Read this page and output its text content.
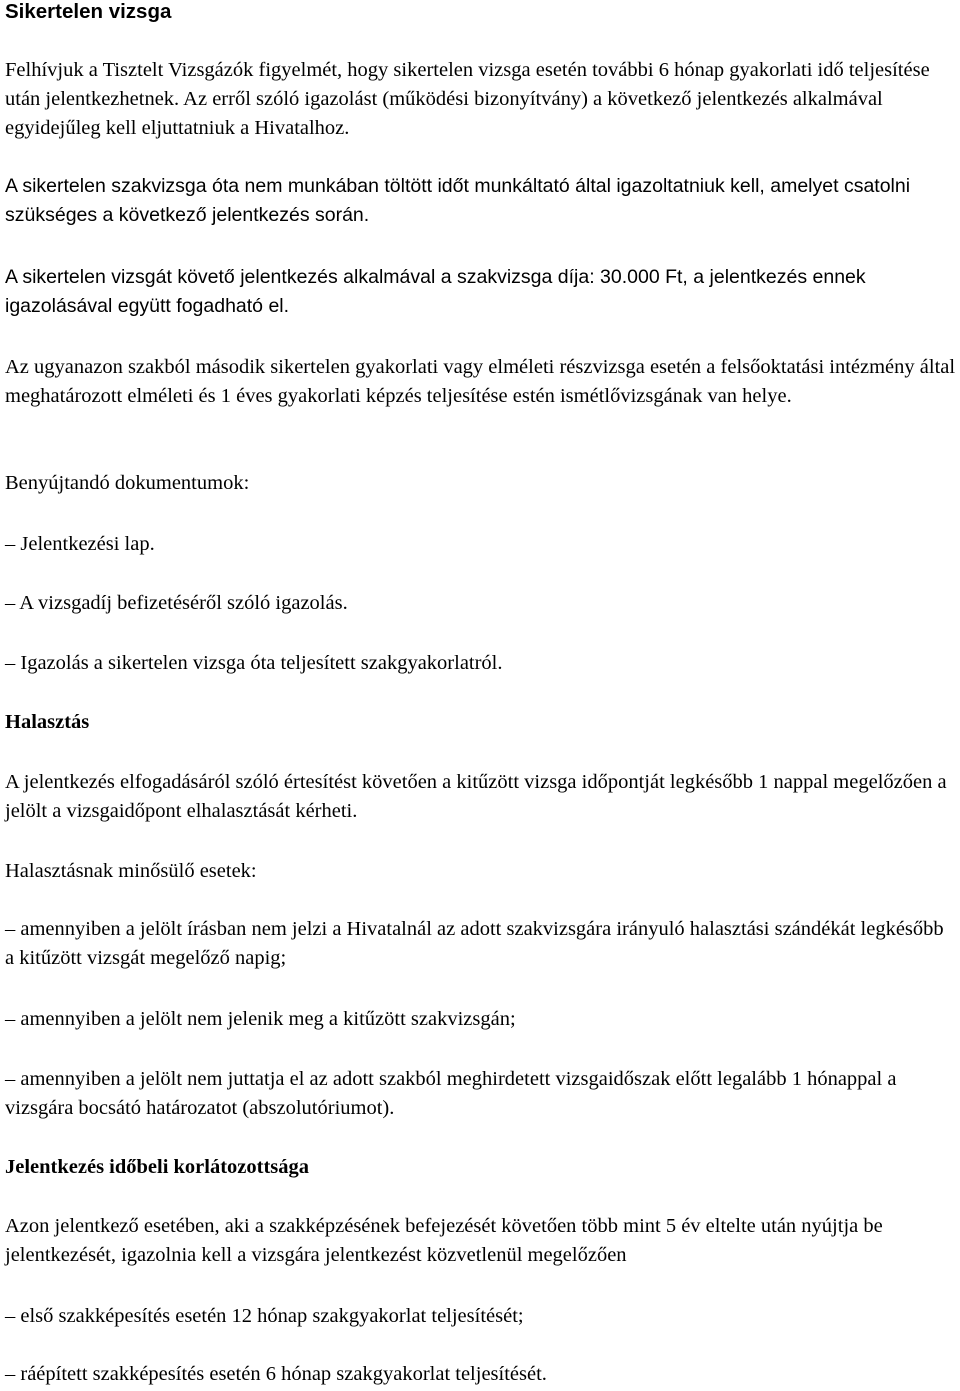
Sikertelen vizsga

Felhívjuk a Tisztelt Vizsgázók figyelmét, hogy sikertelen vizsga esetén további 6 hónap gyakorlati idő teljesítése után jelentkezhetnek. Az erről szóló igazolást (működési bizonyítvány) a következő jelentkezés alkalmával egyidejűleg kell eljuttatniuk a Hivatalhoz.

A sikertelen szakvizsga óta nem munkában töltött időt munkáltató által igazoltatniuk kell, amelyet csatolni szükséges a következő jelentkezés során.

A sikertelen vizsgát követő jelentkezés alkalmával a szakvizsga díja: 30.000 Ft, a jelentkezés ennek igazolásával együtt fogadható el.

Az ugyanazon szakból második sikertelen gyakorlati vagy elméleti részvizsga esetén a felsőoktatási intézmény által meghatározott elméleti és 1 éves gyakorlati képzés teljesítése estén ismétlővizsgának van helye.

Benyújtandó dokumentumok:

– Jelentkezési lap.

– A vizsgadíj befizetéséről szóló igazolás.

– Igazolás a sikertelen vizsga óta teljesített szakgyakorlatról.

Halasztás

A jelentkezés elfogadásáról szóló értesítést követően a kitűzött vizsga időpontját legkésőbb 1 nappal megelőzően a jelölt a vizsgaidőpont elhalasztását kérheti.

Halasztásnak minősülő esetek:

– amennyiben a jelölt írásban nem jelzi a Hivatalnál az adott szakvizsgára irányuló halasztási szándékát legkésőbb a kitűzött vizsgát megelőző napig;

– amennyiben a jelölt nem jelenik meg a kitűzött szakvizsgán;

– amennyiben a jelölt nem juttatja el az adott szakból meghirdetett vizsgaidőszak előtt legalább 1 hónappal a vizsgára bocsátó határozatot (abszolutóriumot).

Jelentkezés időbeli korlátozottsága

Azon jelentkező esetében, aki a szakképzésének befejezését követően több mint 5 év eltelte után nyújtja be jelentkezését, igazolnia kell a vizsgára jelentkezést közvetlenül megelőzően

– első szakképesítés esetén 12 hónap szakgyakorlat teljesítését;

– ráépített szakképesítés esetén 6 hónap szakgyakorlat teljesítését.
